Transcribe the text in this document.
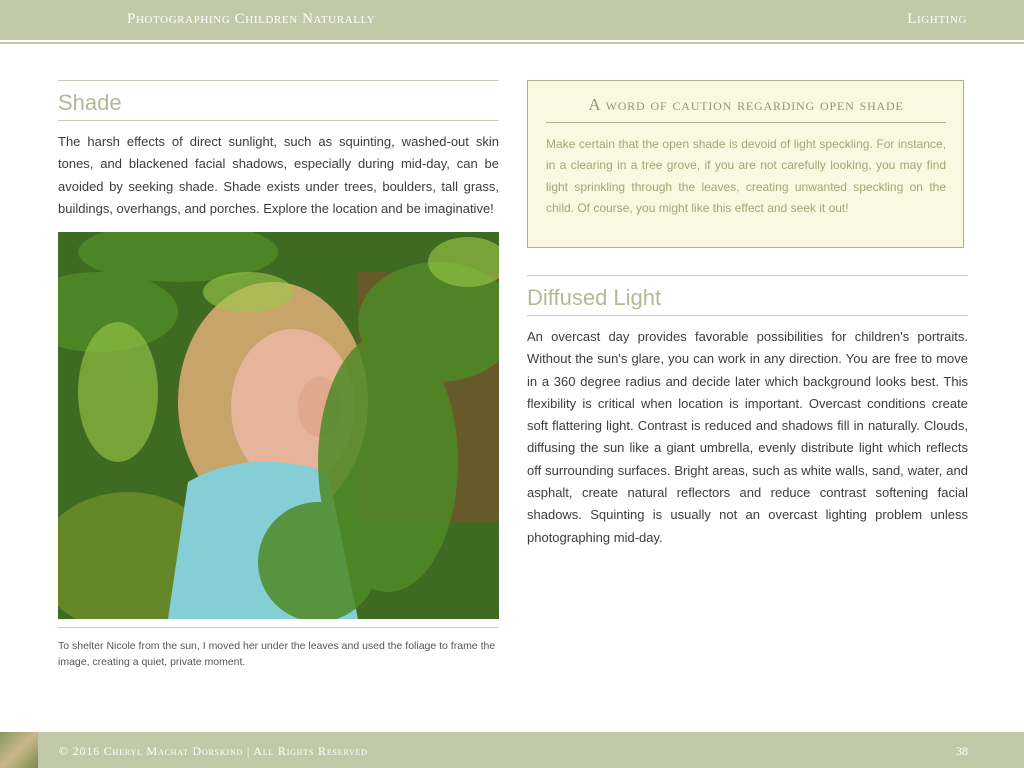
Photographing Children Naturally	Lighting
Shade

The harsh effects of direct sunlight, such as squinting, washed-out skin tones, and blackened facial shadows, especially during mid-day, can be avoided by seeking shade. Shade exists under trees, boulders, tall grass, buildings, overhangs, and porches. Explore the location and be imaginative!

To shelter Nicole from the sun, I moved her under the leaves and used the foliage to frame the image, creating a quiet, private moment.
A word of caution regarding open shade
Make certain that the open shade is devoid of light speckling. For instance, in a clearing in a tree grove, if you are not carefully looking, you may find light sprinkling through the leaves, creating unwanted speckling on the child. Of course, you might like this effect and seek it out!
Diffused Light

An overcast day provides favorable possibilities for children's portraits. Without the sun's glare, you can work in any direction. You are free to move in a 360 degree radius and decide later which background looks best. This flexibility is critical when location is important. Overcast conditions create soft flattering light. Contrast is reduced and shadows fill in naturally. Clouds, diffusing the sun like a giant umbrella, evenly distribute light which reflects off surrounding surfaces. Bright areas, such as white walls, sand, water, and asphalt, create natural reflectors and reduce contrast softening facial shadows. Squinting is usually not an overcast lighting problem unless photographing mid-day.

© 2016 Cheryl Machat Dorskind | All Rights Reserved	38
